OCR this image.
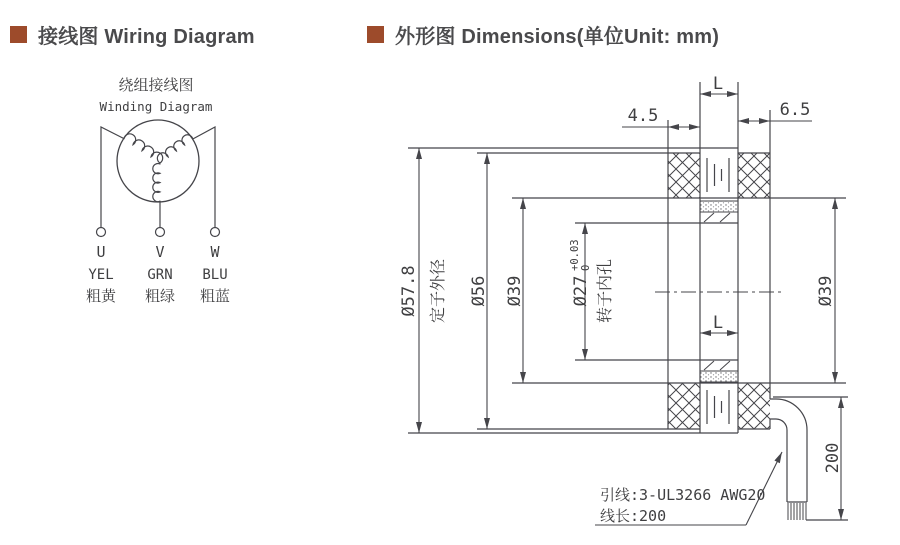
接线图 Wiring Diagram	外形图 Dimensions(单位Unit: mm)
绕组接线图
Winding Diagram
U	V	W
YEL GRN BLU
粗黄 粗绿 粗蓝
L
4.5	6.5
L
Ø57.8 定子外径 Ø56 Ø39	Ø27
+0.03 0 转子内孔	Ø39
200
引线:3-UL3266 AWG20
线长:200
